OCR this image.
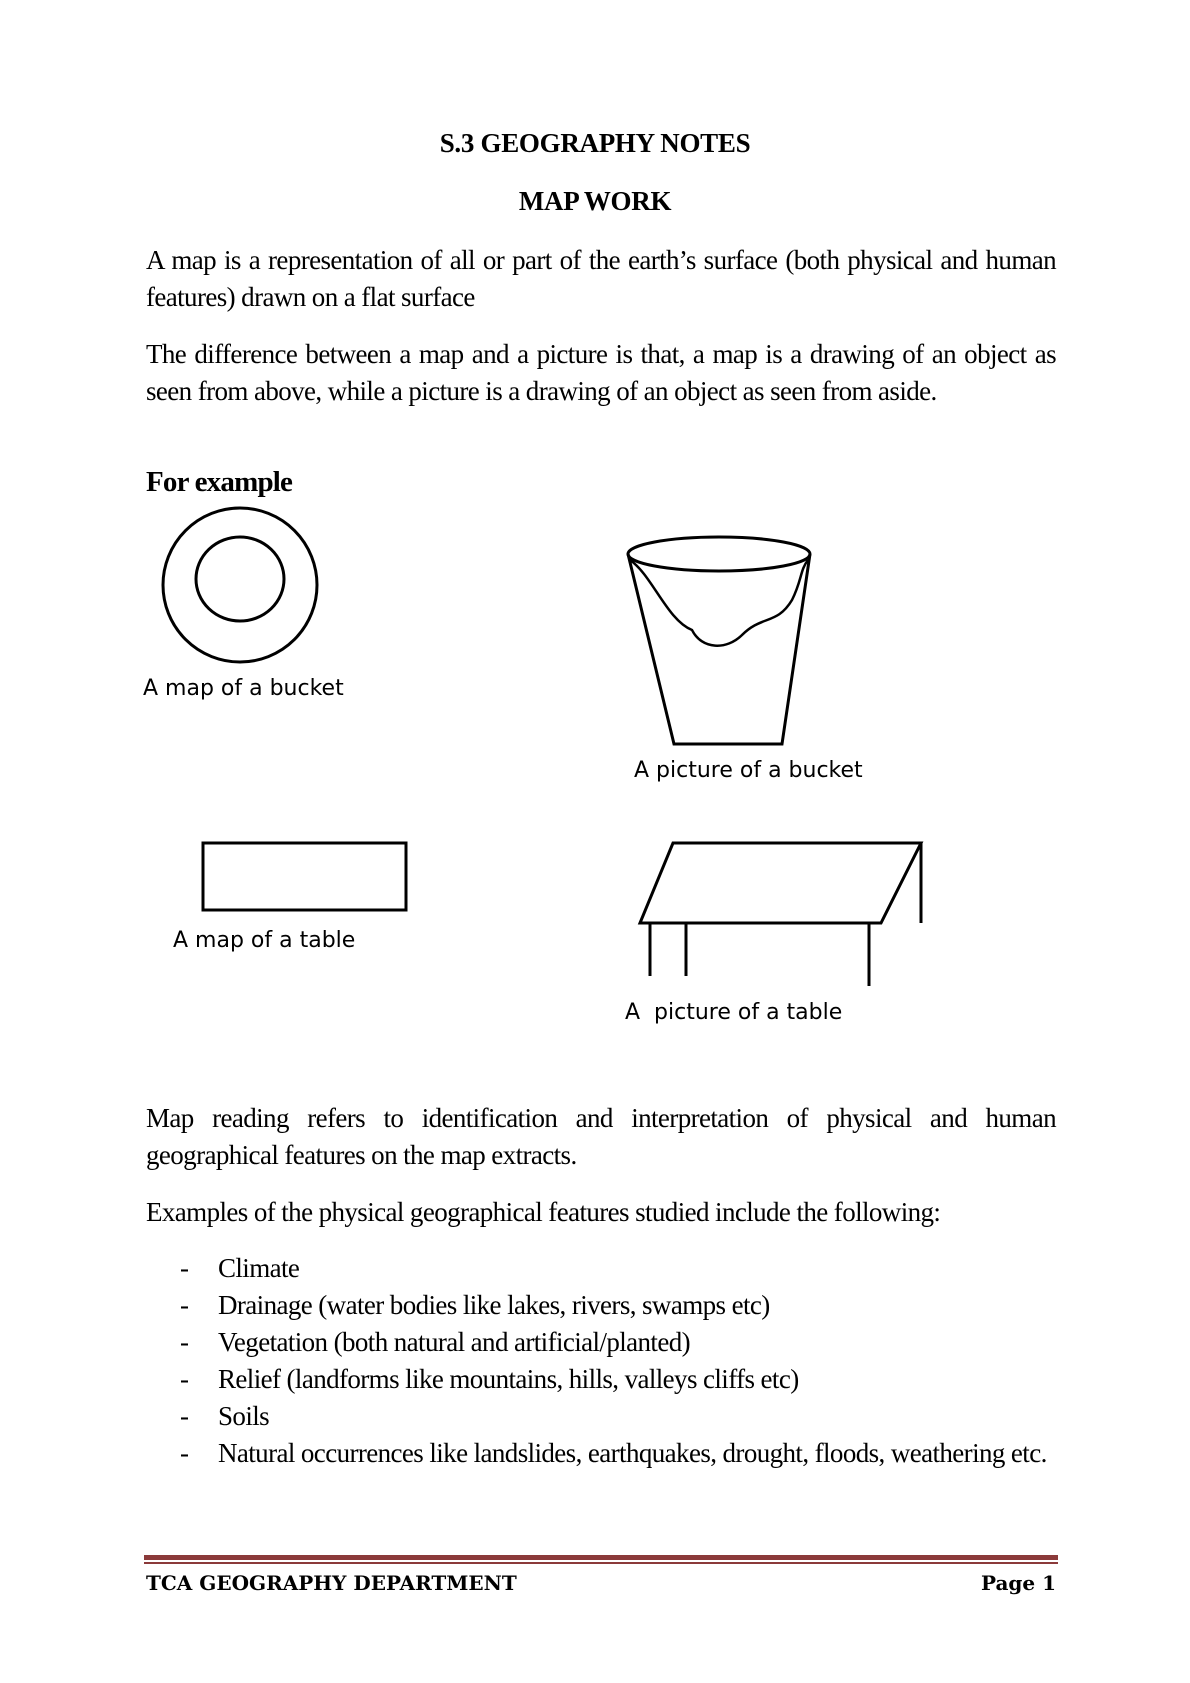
S.3 GEOGRAPHY NOTES
MAP WORK

A map is a representation of all or part of the earth’s surface (both physical and human features) drawn on a flat surface

The difference between a map and a picture is that, a map is a drawing of an object as seen from above, while a picture is a drawing of an object as seen from aside.

For example
A map of a bucket
A picture of a bucket
A map of a table
A  picture of a table

Map reading refers to identification and interpretation of physical and human geographical features on the map extracts.

Examples of the physical geographical features studied include the following:

- Climate
- Drainage (water bodies like lakes, rivers, swamps etc)
- Vegetation (both natural and artificial/planted)
- Relief (landforms like mountains, hills, valleys cliffs etc)
- Soils
- Natural occurrences like landslides, earthquakes, drought, floods, weathering etc.
TCA GEOGRAPHY DEPARTMENT	Page 1
